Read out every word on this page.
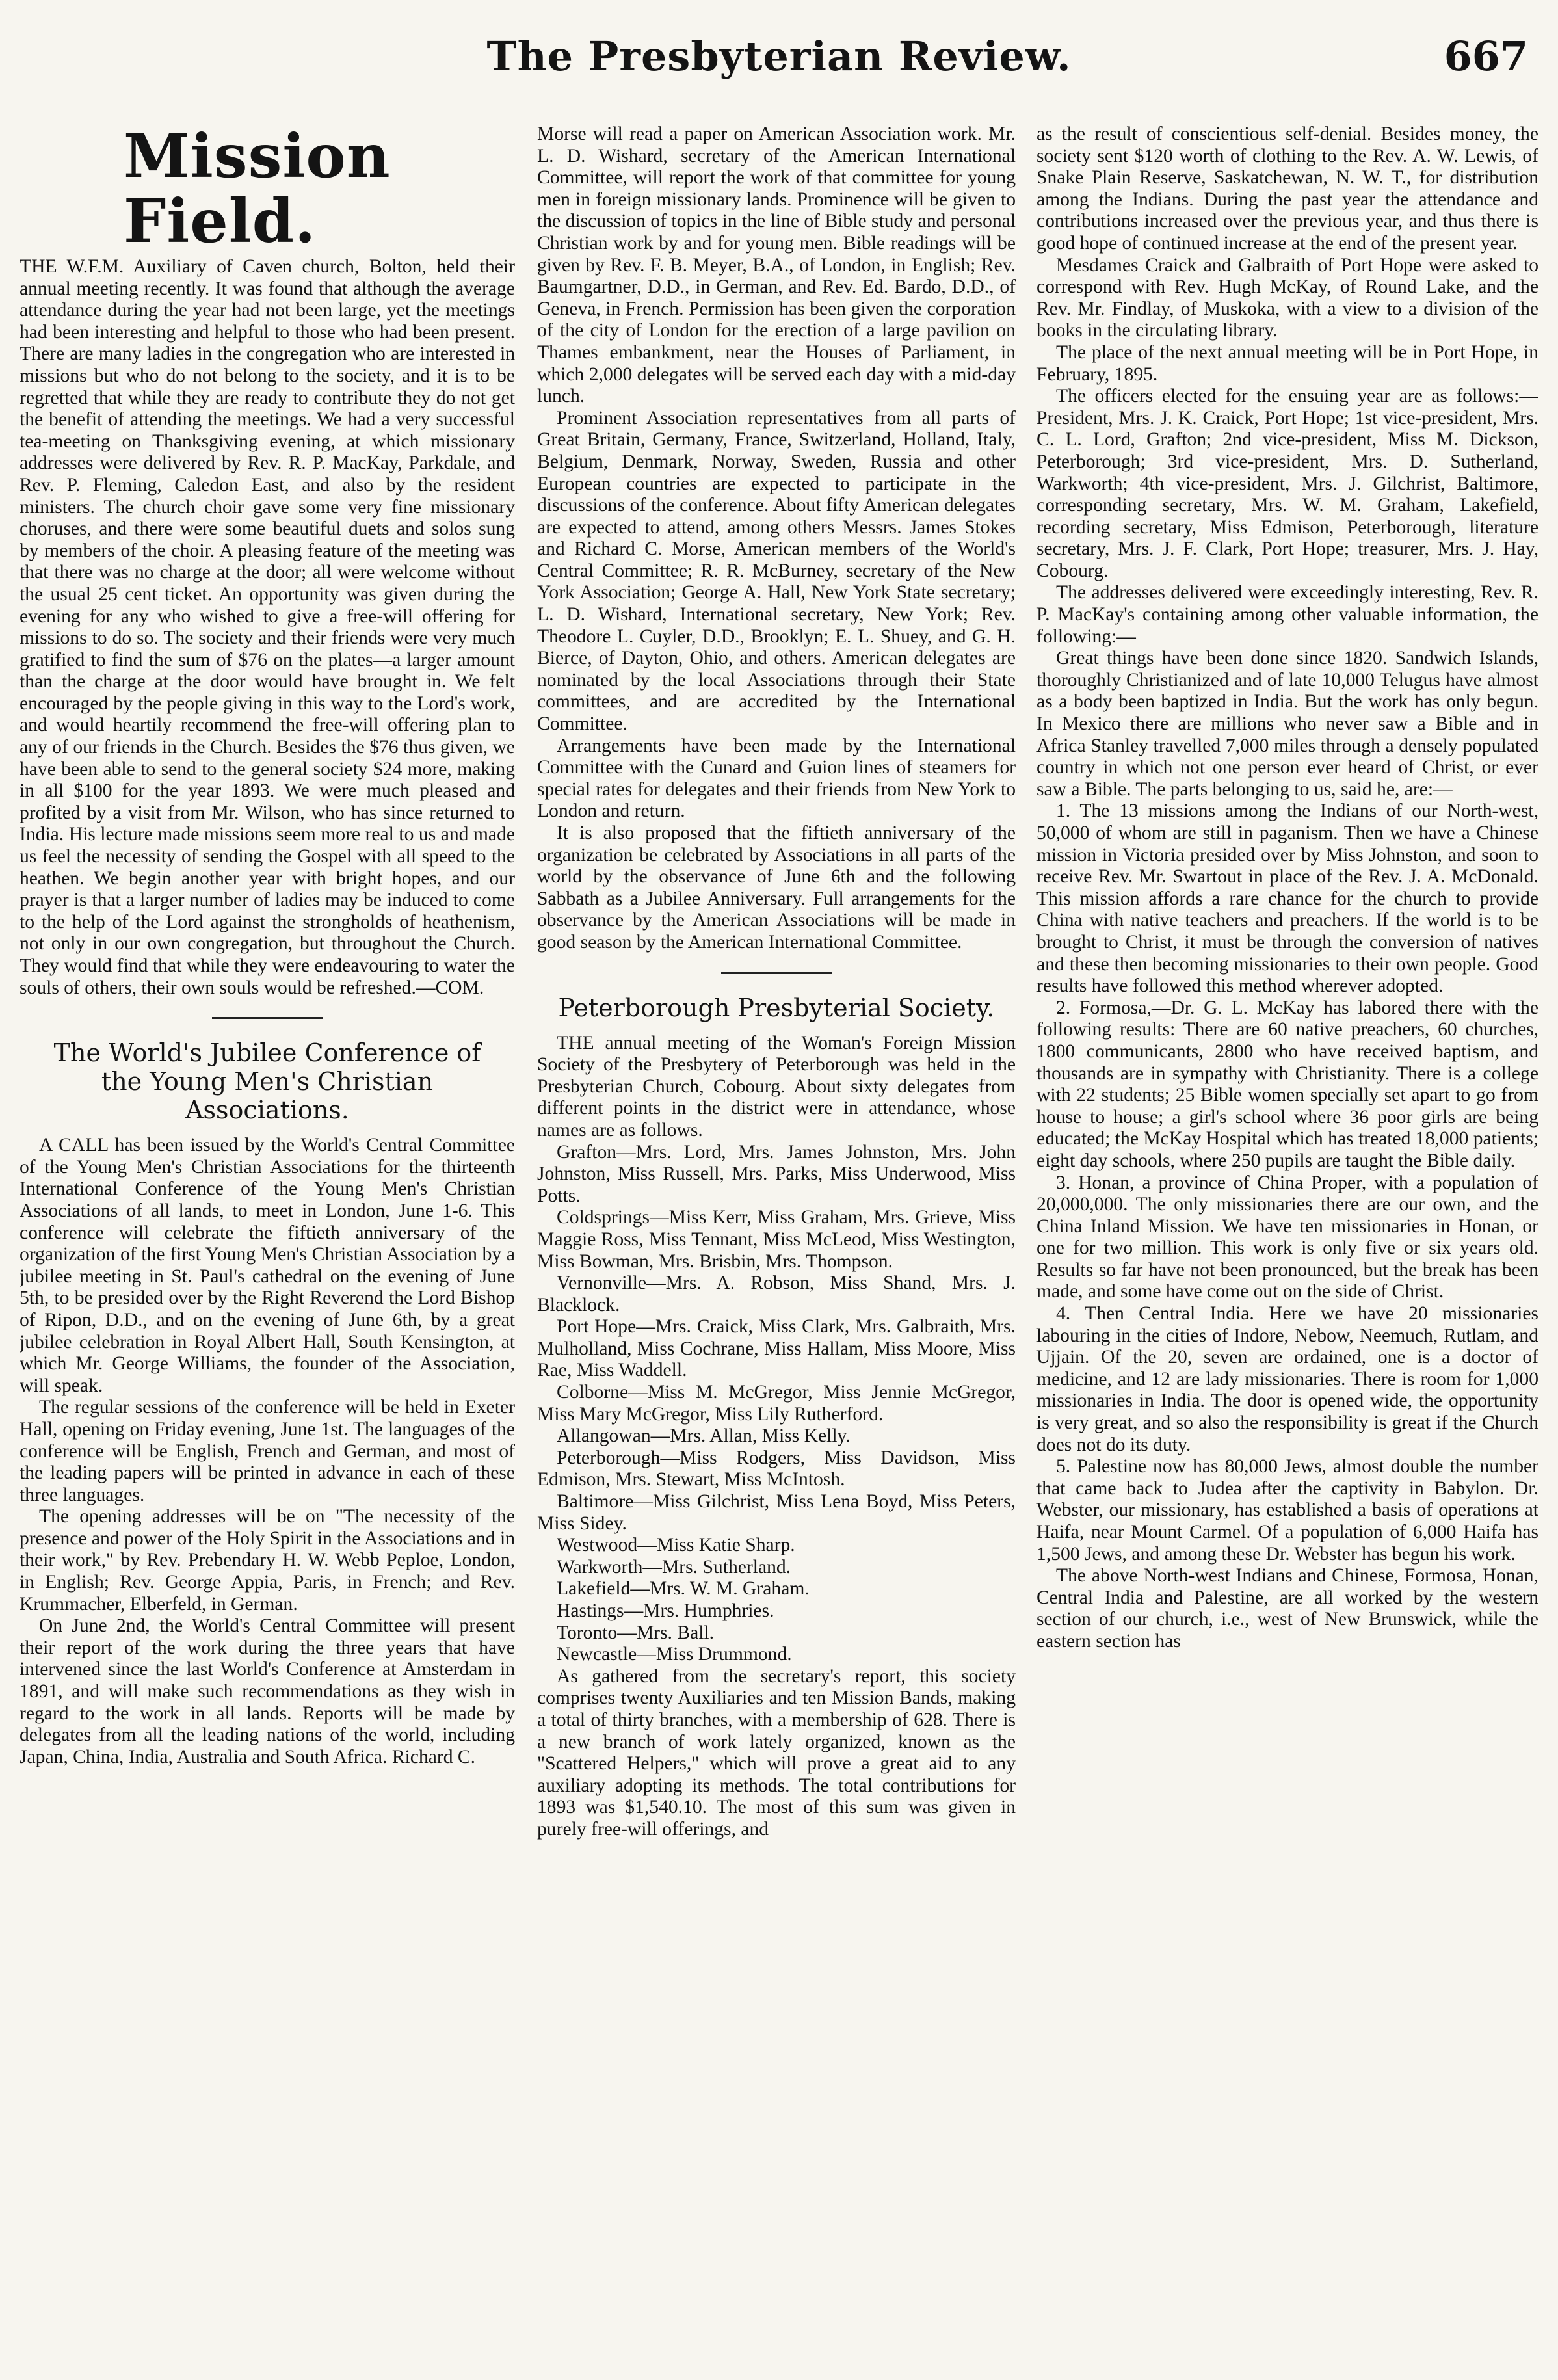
The Presbyterian Review.	667
Mission Field.

THE W.F.M. Auxiliary of Caven church, Bolton, held their annual meeting recently. It was found that although the average attendance during the year had not been large, yet the meetings had been interesting and helpful to those who had been present. There are many ladies in the congregation who are interested in missions but who do not belong to the society, and it is to be regretted that while they are ready to contribute they do not get the benefit of attending the meetings. We had a very successful tea-meeting on Thanksgiving evening, at which missionary addresses were delivered by Rev. R. P. MacKay, Parkdale, and Rev. P. Fleming, Caledon East, and also by the resident ministers. The church choir gave some very fine missionary choruses, and there were some beautiful duets and solos sung by members of the choir. A pleasing feature of the meeting was that there was no charge at the door; all were welcome without the usual 25 cent ticket. An opportunity was given during the evening for any who wished to give a free-will offering for missions to do so. The society and their friends were very much gratified to find the sum of $76 on the plates—a larger amount than the charge at the door would have brought in. We felt encouraged by the people giving in this way to the Lord's work, and would heartily recommend the free-will offering plan to any of our friends in the Church. Besides the $76 thus given, we have been able to send to the general society $24 more, making in all $100 for the year 1893. We were much pleased and profited by a visit from Mr. Wilson, who has since returned to India. His lecture made missions seem more real to us and made us feel the necessity of sending the Gospel with all speed to the heathen. We begin another year with bright hopes, and our prayer is that a larger number of ladies may be induced to come to the help of the Lord against the strongholds of heathenism, not only in our own congregation, but throughout the Church. They would find that while they were endeavouring to water the souls of others, their own souls would be refreshed.—COM.

The World's Jubilee Conference of the Young Men's Christian Associations.

A CALL has been issued by the World's Central Committee of the Young Men's Christian Associations for the thirteenth International Conference of the Young Men's Christian Associations of all lands, to meet in London, June 1-6. This conference will celebrate the fiftieth anniversary of the organization of the first Young Men's Christian Association by a jubilee meeting in St. Paul's cathedral on the evening of June 5th, to be presided over by the Right Reverend the Lord Bishop of Ripon, D.D., and on the evening of June 6th, by a great jubilee celebration in Royal Albert Hall, South Kensington, at which Mr. George Williams, the founder of the Association, will speak.

The regular sessions of the conference will be held in Exeter Hall, opening on Friday evening, June 1st. The languages of the conference will be English, French and German, and most of the leading papers will be printed in advance in each of these three languages.

The opening addresses will be on "The necessity of the presence and power of the Holy Spirit in the Associations and in their work," by Rev. Prebendary H. W. Webb Peploe, London, in English; Rev. George Appia, Paris, in French; and Rev. Krummacher, Elberfeld, in German.

On June 2nd, the World's Central Committee will present their report of the work during the three years that have intervened since the last World's Conference at Amsterdam in 1891, and will make such recommendations as they wish in regard to the work in all lands. Reports will be made by delegates from all the leading nations of the world, including Japan, China, India, Australia and South Africa. Richard C.

Morse will read a paper on American Association work. Mr. L. D. Wishard, secretary of the American International Committee, will report the work of that committee for young men in foreign missionary lands. Prominence will be given to the discussion of topics in the line of Bible study and personal Christian work by and for young men. Bible readings will be given by Rev. F. B. Meyer, B.A., of London, in English; Rev. Baumgartner, D.D., in German, and Rev. Ed. Bardo, D.D., of Geneva, in French. Permission has been given the corporation of the city of London for the erection of a large pavilion on Thames embankment, near the Houses of Parliament, in which 2,000 delegates will be served each day with a mid-day lunch.

Prominent Association representatives from all parts of Great Britain, Germany, France, Switzerland, Holland, Italy, Belgium, Denmark, Norway, Sweden, Russia and other European countries are expected to participate in the discussions of the conference. About fifty American delegates are expected to attend, among others Messrs. James Stokes and Richard C. Morse, American members of the World's Central Committee; R. R. McBurney, secretary of the New York Association; George A. Hall, New York State secretary; L. D. Wishard, International secretary, New York; Rev. Theodore L. Cuyler, D.D., Brooklyn; E. L. Shuey, and G. H. Bierce, of Dayton, Ohio, and others. American delegates are nominated by the local Associations through their State committees, and are accredited by the International Committee.

Arrangements have been made by the International Committee with the Cunard and Guion lines of steamers for special rates for delegates and their friends from New York to London and return.

It is also proposed that the fiftieth anniversary of the organization be celebrated by Associations in all parts of the world by the observance of June 6th and the following Sabbath as a Jubilee Anniversary. Full arrangements for the observance by the American Associations will be made in good season by the American International Committee.

Peterborough Presbyterial Society.

THE annual meeting of the Woman's Foreign Mission Society of the Presbytery of Peterborough was held in the Presbyterian Church, Cobourg. About sixty delegates from different points in the district were in attendance, whose names are as follows.

Grafton—Mrs. Lord, Mrs. James Johnston, Mrs. John Johnston, Miss Russell, Mrs. Parks, Miss Underwood, Miss Potts.

Coldsprings—Miss Kerr, Miss Graham, Mrs. Grieve, Miss Maggie Ross, Miss Tennant, Miss McLeod, Miss Westington, Miss Bowman, Mrs. Brisbin, Mrs. Thompson.

Vernonville—Mrs. A. Robson, Miss Shand, Mrs. J. Blacklock.

Port Hope—Mrs. Craick, Miss Clark, Mrs. Galbraith, Mrs. Mulholland, Miss Cochrane, Miss Hallam, Miss Moore, Miss Rae, Miss Waddell.

Colborne—Miss M. McGregor, Miss Jennie McGregor, Miss Mary McGregor, Miss Lily Rutherford.

Allangowan—Mrs. Allan, Miss Kelly.

Peterborough—Miss Rodgers, Miss Davidson, Miss Edmison, Mrs. Stewart, Miss McIntosh.

Baltimore—Miss Gilchrist, Miss Lena Boyd, Miss Peters, Miss Sidey.

Westwood—Miss Katie Sharp.

Warkworth—Mrs. Sutherland.

Lakefield—Mrs. W. M. Graham.

Hastings—Mrs. Humphries.

Toronto—Mrs. Ball.

Newcastle—Miss Drummond.

As gathered from the secretary's report, this society comprises twenty Auxiliaries and ten Mission Bands, making a total of thirty branches, with a membership of 628. There is a new branch of work lately organized, known as the "Scattered Helpers," which will prove a great aid to any auxiliary adopting its methods. The total contributions for 1893 was $1,540.10. The most of this sum was given in purely free-will offerings, and

as the result of conscientious self-denial. Besides money, the society sent $120 worth of clothing to the Rev. A. W. Lewis, of Snake Plain Reserve, Saskatchewan, N. W. T., for distribution among the Indians. During the past year the attendance and contributions increased over the previous year, and thus there is good hope of continued increase at the end of the present year.

Mesdames Craick and Galbraith of Port Hope were asked to correspond with Rev. Hugh McKay, of Round Lake, and the Rev. Mr. Findlay, of Muskoka, with a view to a division of the books in the circulating library.

The place of the next annual meeting will be in Port Hope, in February, 1895.

The officers elected for the ensuing year are as follows:—President, Mrs. J. K. Craick, Port Hope; 1st vice-president, Mrs. C. L. Lord, Grafton; 2nd vice-president, Miss M. Dickson, Peterborough; 3rd vice-president, Mrs. D. Sutherland, Warkworth; 4th vice-president, Mrs. J. Gilchrist, Baltimore, corresponding secretary, Mrs. W. M. Graham, Lakefield, recording secretary, Miss Edmison, Peterborough, literature secretary, Mrs. J. F. Clark, Port Hope; treasurer, Mrs. J. Hay, Cobourg.

The addresses delivered were exceedingly interesting, Rev. R. P. MacKay's containing among other valuable information, the following:—

Great things have been done since 1820. Sandwich Islands, thoroughly Christianized and of late 10,000 Telugus have almost as a body been baptized in India. But the work has only begun. In Mexico there are millions who never saw a Bible and in Africa Stanley travelled 7,000 miles through a densely populated country in which not one person ever heard of Christ, or ever saw a Bible. The parts belonging to us, said he, are:—

1. The 13 missions among the Indians of our North-west, 50,000 of whom are still in paganism. Then we have a Chinese mission in Victoria presided over by Miss Johnston, and soon to receive Rev. Mr. Swartout in place of the Rev. J. A. McDonald. This mission affords a rare chance for the church to provide China with native teachers and preachers. If the world is to be brought to Christ, it must be through the conversion of natives and these then becoming missionaries to their own people. Good results have followed this method wherever adopted.

2. Formosa,—Dr. G. L. McKay has labored there with the following results: There are 60 native preachers, 60 churches, 1800 communicants, 2800 who have received baptism, and thousands are in sympathy with Christianity. There is a college with 22 students; 25 Bible women specially set apart to go from house to house; a girl's school where 36 poor girls are being educated; the McKay Hospital which has treated 18,000 patients; eight day schools, where 250 pupils are taught the Bible daily.

3. Honan, a province of China Proper, with a population of 20,000,000. The only missionaries there are our own, and the China Inland Mission. We have ten missionaries in Honan, or one for two million. This work is only five or six years old. Results so far have not been pronounced, but the break has been made, and some have come out on the side of Christ.

4. Then Central India. Here we have 20 missionaries labouring in the cities of Indore, Nebow, Neemuch, Rutlam, and Ujjain. Of the 20, seven are ordained, one is a doctor of medicine, and 12 are lady missionaries. There is room for 1,000 missionaries in India. The door is opened wide, the opportunity is very great, and so also the responsibility is great if the Church does not do its duty.

5. Palestine now has 80,000 Jews, almost double the number that came back to Judea after the captivity in Babylon. Dr. Webster, our missionary, has established a basis of operations at Haifa, near Mount Carmel. Of a population of 6,000 Haifa has 1,500 Jews, and among these Dr. Webster has begun his work.

The above North-west Indians and Chinese, Formosa, Honan, Central India and Palestine, are all worked by the western section of our church, i.e., west of New Brunswick, while the eastern section has
